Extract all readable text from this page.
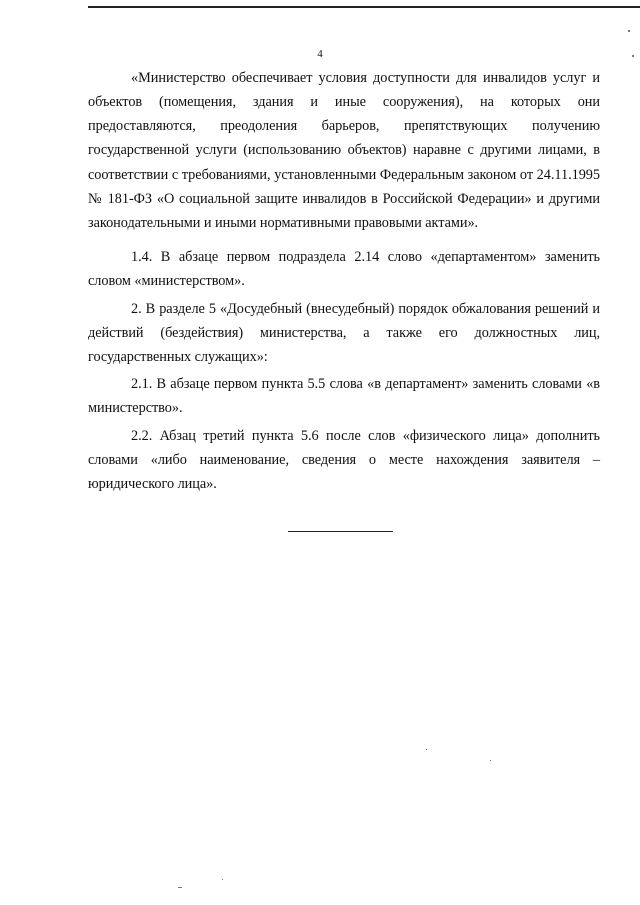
4

«Министерство обеспечивает условия доступности для инвалидов услуг и объектов (помещения, здания и иные сооружения), на которых они предоставляются, преодоления барьеров, препятствующих получению государственной услуги (использованию объектов) наравне с другими лицами, в соответствии с требованиями, установленными Федеральным законом от 24.11.1995 № 181-ФЗ «О социальной защите инвалидов в Российской Федерации» и другими законодательными и иными нормативными правовыми актами».

1.4. В абзаце первом подраздела 2.14 слово «департаментом» заменить словом «министерством».

2. В разделе 5 «Досудебный (внесудебный) порядок обжалования решений и действий (бездействия) министерства, а также его должностных лиц, государственных служащих»:

2.1. В абзаце первом пункта 5.5 слова «в департамент» заменить словами «в министерство».

2.2. Абзац третий пункта 5.6 после слов «физического лица» дополнить словами «либо наименование, сведения о месте нахождения заявителя – юридического лица».
